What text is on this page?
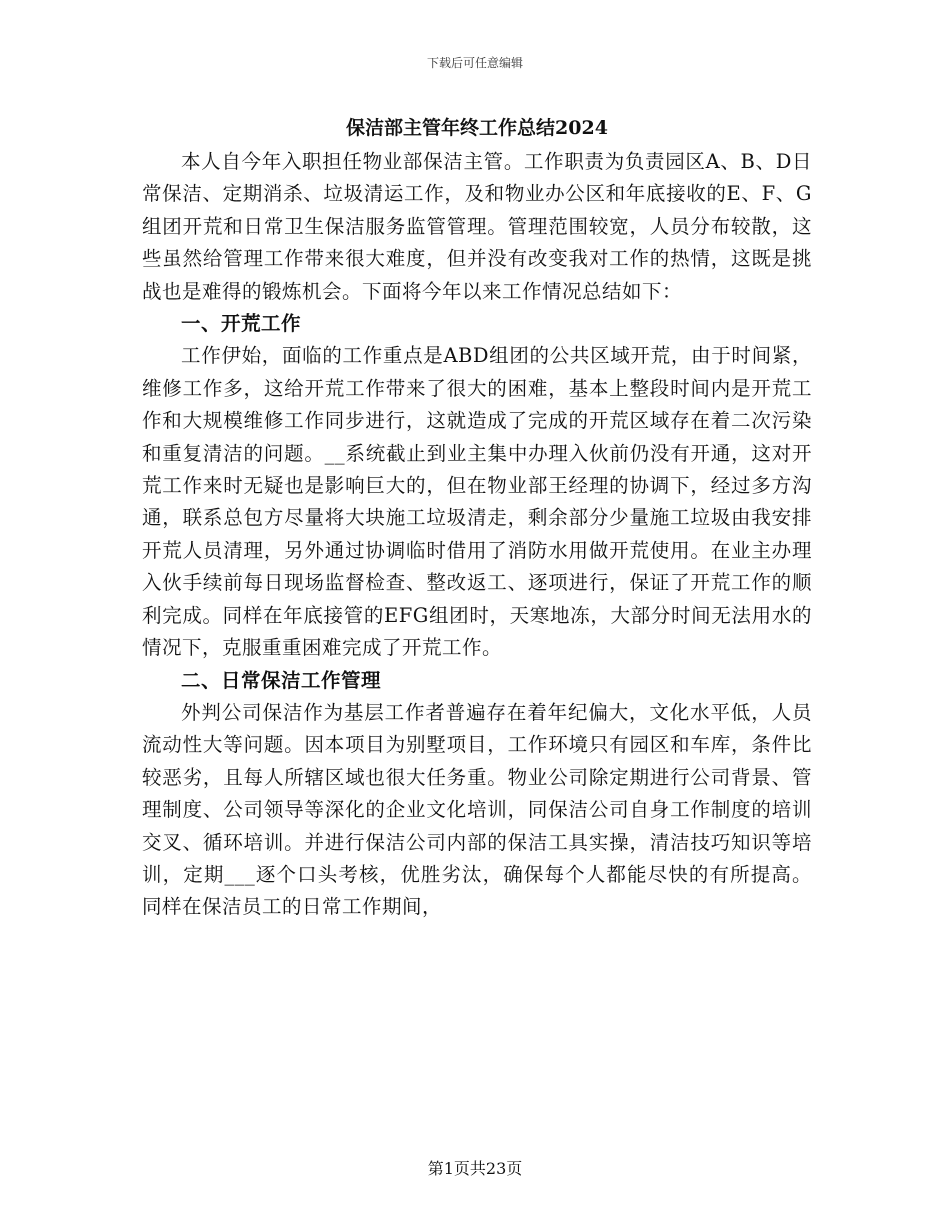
下载后可任意编辑
保洁部主管年终工作总结2024

本人自今年入职担任物业部保洁主管。工作职责为负责园区A、B、D日常保洁、定期消杀、垃圾清运工作，及和物业办公区和年底接收的E、F、G组团开荒和日常卫生保洁服务监管管理。管理范围较宽，人员分布较散，这些虽然给管理工作带来很大难度，但并没有改变我对工作的热情，这既是挑战也是难得的锻炼机会。下面将今年以来工作情况总结如下：

一、开荒工作

工作伊始，面临的工作重点是ABD组团的公共区域开荒，由于时间紧，维修工作多，这给开荒工作带来了很大的困难，基本上整段时间内是开荒工作和大规模维修工作同步进行，这就造成了完成的开荒区域存在着二次污染和重复清洁的问题。__系统截止到业主集中办理入伙前仍没有开通，这对开荒工作来时无疑也是影响巨大的，但在物业部王经理的协调下，经过多方沟通，联系总包方尽量将大块施工垃圾清走，剩余部分少量施工垃圾由我安排开荒人员清理，另外通过协调临时借用了消防水用做开荒使用。在业主办理入伙手续前每日现场监督检查、整改返工、逐项进行，保证了开荒工作的顺利完成。同样在年底接管的EFG组团时，天寒地冻，大部分时间无法用水的情况下，克服重重困难完成了开荒工作。

二、日常保洁工作管理

外判公司保洁作为基层工作者普遍存在着年纪偏大，文化水平低，人员流动性大等问题。因本项目为别墅项目，工作环境只有园区和车库，条件比较恶劣，且每人所辖区域也很大任务重。物业公司除定期进行公司背景、管理制度、公司领导等深化的企业文化培训，同保洁公司自身工作制度的培训交叉、循环培训。并进行保洁公司内部的保洁工具实操，清洁技巧知识等培训，定期___逐个口头考核，优胜劣汰，确保每个人都能尽快的有所提高。同样在保洁员工的日常工作期间，

第1页共23页
